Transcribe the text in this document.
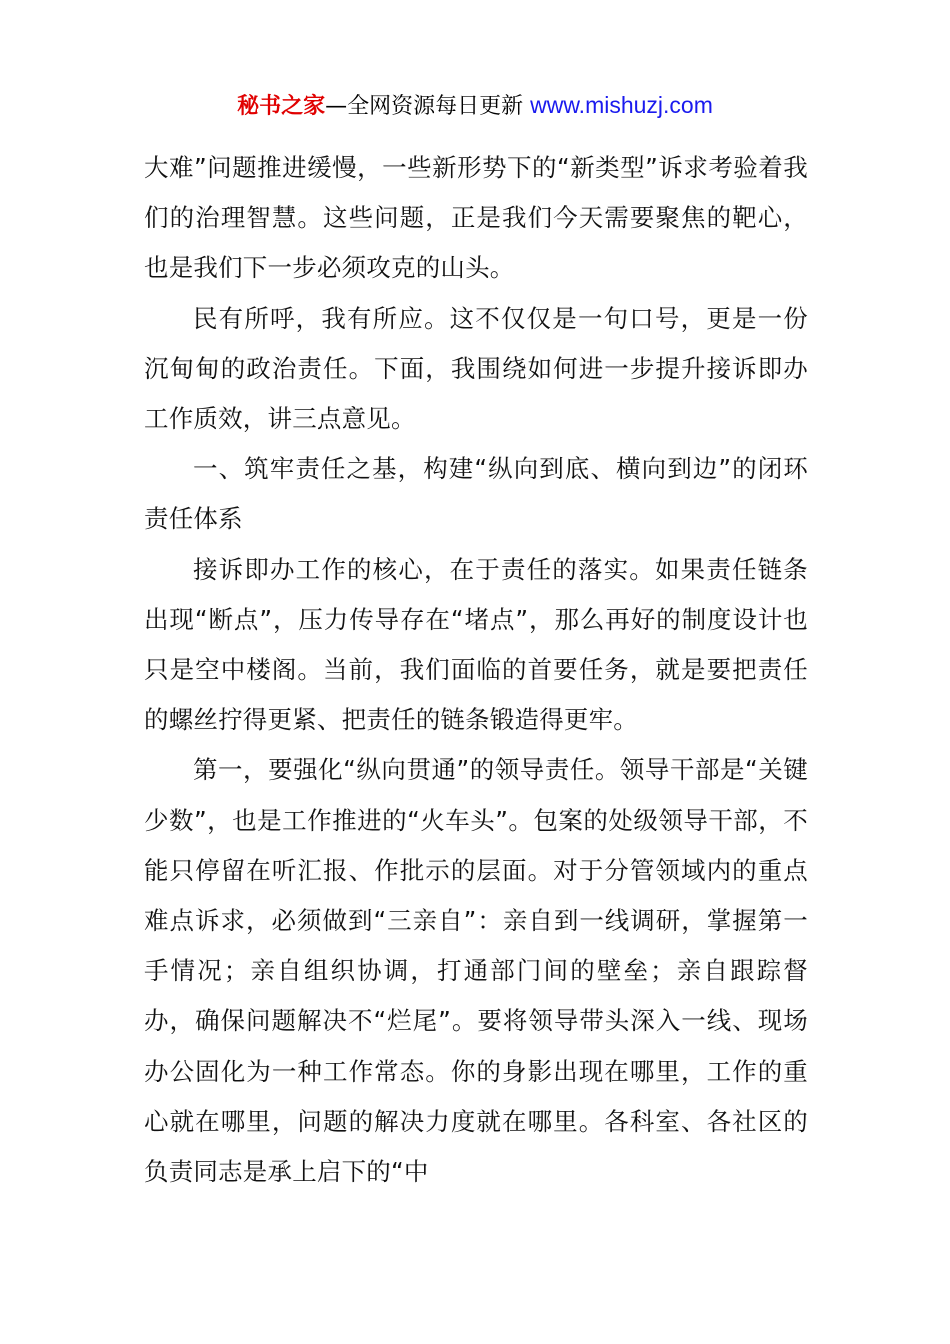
秘书之家—全网资源每日更新 www.mishuzj.com

大难”问题推进缓慢，一些新形势下的“新类型”诉求考验着我们的治理智慧。这些问题，正是我们今天需要聚焦的靶心，也是我们下一步必须攻克的山头。

民有所呼，我有所应。这不仅仅是一句口号，更是一份沉甸甸的政治责任。下面，我围绕如何进一步提升接诉即办工作质效，讲三点意见。

一、筑牢责任之基，构建“纵向到底、横向到边”的闭环责任体系

接诉即办工作的核心，在于责任的落实。如果责任链条出现“断点”，压力传导存在“堵点”，那么再好的制度设计也只是空中楼阁。当前，我们面临的首要任务，就是要把责任的螺丝拧得更紧、把责任的链条锻造得更牢。

第一，要强化“纵向贯通”的领导责任。领导干部是“关键少数”，也是工作推进的“火车头”。包案的处级领导干部，不能只停留在听汇报、作批示的层面。对于分管领域内的重点难点诉求，必须做到“三亲自”：亲自到一线调研，掌握第一手情况；亲自组织协调，打通部门间的壁垒；亲自跟踪督办，确保问题解决不“烂尾”。要将领导带头深入一线、现场办公固化为一种工作常态。你的身影出现在哪里，工作的重心就在哪里，问题的解决力度就在哪里。各科室、各社区的负责同志是承上启下的“中
